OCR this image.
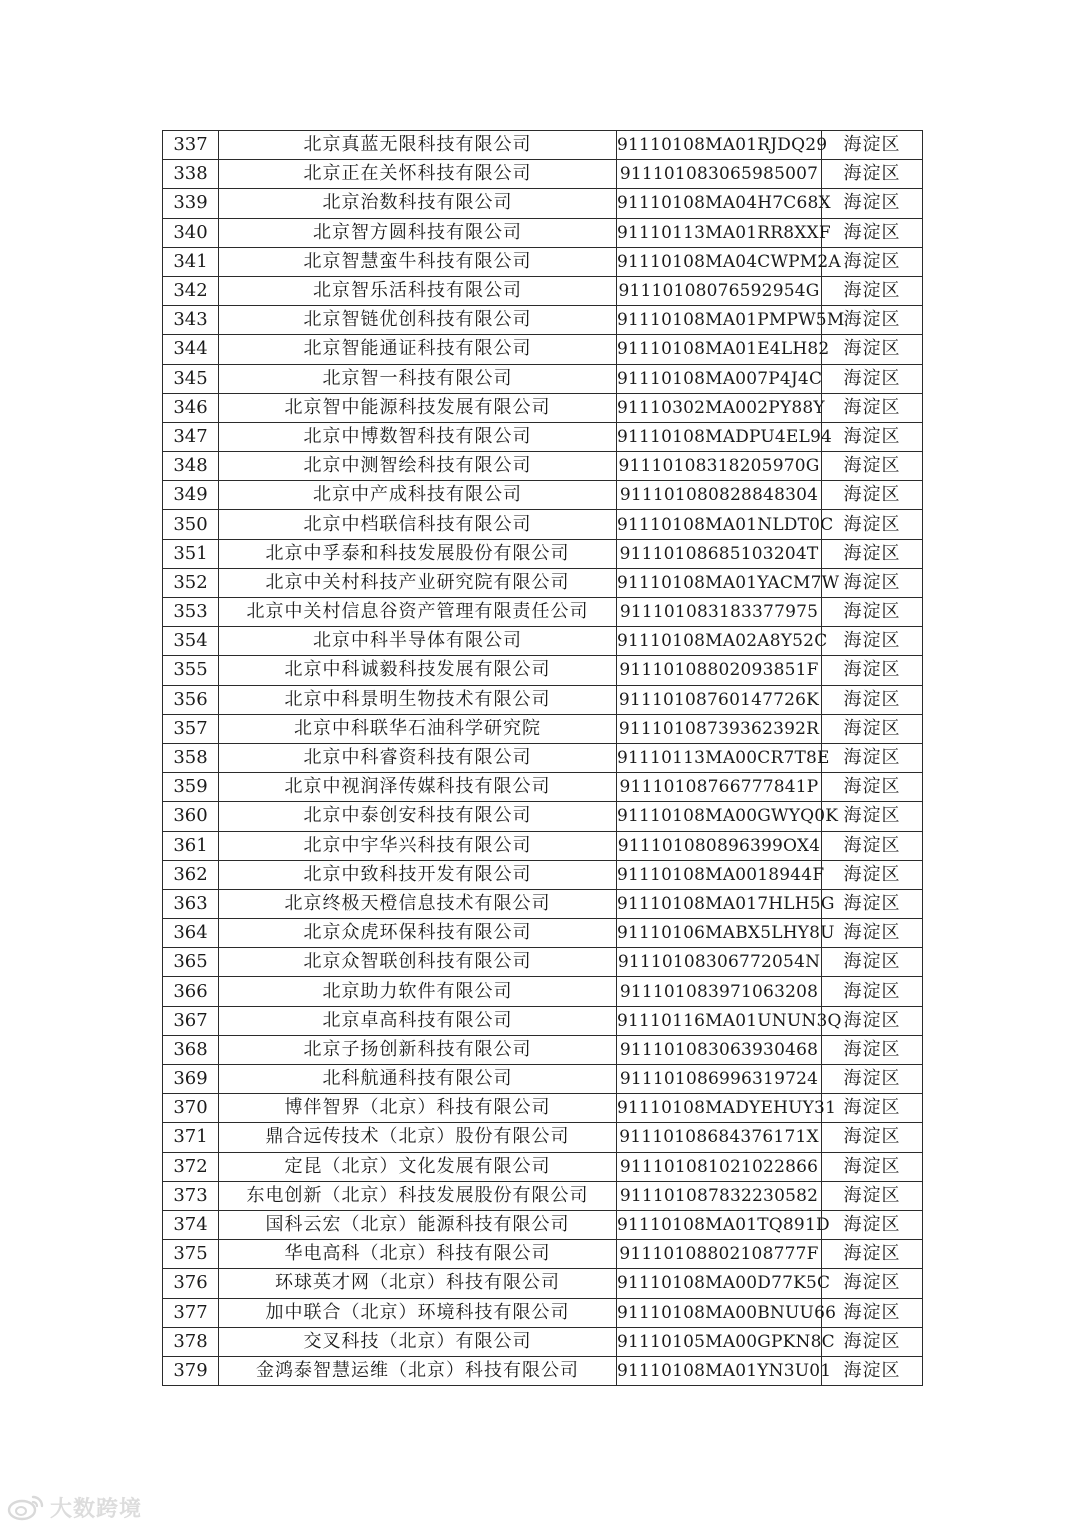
337	北京真蓝无限科技有限公司	91110108MA01RJDQ29	海淀区
338	北京正在关怀科技有限公司	911101083065985007	海淀区
339	北京治数科技有限公司	91110108MA04H7C68X	海淀区
340	北京智方圆科技有限公司	91110113MA01RR8XXF	海淀区
341	北京智慧蛮牛科技有限公司	91110108MA04CWPM2A	海淀区
342	北京智乐活科技有限公司	91110108076592954G	海淀区
343	北京智链优创科技有限公司	91110108MA01PMPW5M	海淀区
344	北京智能通证科技有限公司	91110108MA01E4LH82	海淀区
345	北京智一科技有限公司	91110108MA007P4J4C	海淀区
346	北京智中能源科技发展有限公司	91110302MA002PY88Y	海淀区
347	北京中博数智科技有限公司	91110108MADPU4EL94	海淀区
348	北京中测智绘科技有限公司	91110108318205970G	海淀区
349	北京中产成科技有限公司	911101080828848304	海淀区
350	北京中档联信科技有限公司	91110108MA01NLDT0C	海淀区
351	北京中孚泰和科技发展股份有限公司	91110108685103204T	海淀区
352	北京中关村科技产业研究院有限公司	91110108MA01YACM7W	海淀区
353	北京中关村信息谷资产管理有限责任公司	911101083183377975	海淀区
354	北京中科半导体有限公司	91110108MA02A8Y52C	海淀区
355	北京中科诚毅科技发展有限公司	91110108802093851F	海淀区
356	北京中科景明生物技术有限公司	91110108760147726K	海淀区
357	北京中科联华石油科学研究院	91110108739362392R	海淀区
358	北京中科睿资科技有限公司	91110113MA00CR7T8E	海淀区
359	北京中视润泽传媒科技有限公司	91110108766777841P	海淀区
360	北京中泰创安科技有限公司	91110108MA00GWYQ0K	海淀区
361	北京中宇华兴科技有限公司	911101080896399OX4	海淀区
362	北京中致科技开发有限公司	91110108MA0018944F	海淀区
363	北京终极天橙信息技术有限公司	91110108MA017HLH5G	海淀区
364	北京众虎环保科技有限公司	91110106MABX5LHY8U	海淀区
365	北京众智联创科技有限公司	91110108306772054N	海淀区
366	北京助力软件有限公司	911101083971063208	海淀区
367	北京卓高科技有限公司	91110116MA01UNUN3Q	海淀区
368	北京子扬创新科技有限公司	911101083063930468	海淀区
369	北科航通科技有限公司	911101086996319724	海淀区
370	博伴智界（北京）科技有限公司	91110108MADYEHUY31	海淀区
371	鼎合远传技术（北京）股份有限公司	91110108684376171X	海淀区
372	定昆（北京）文化发展有限公司	911101081021022866	海淀区
373	东电创新（北京）科技发展股份有限公司	911101087832230582	海淀区
374	国科云宏（北京）能源科技有限公司	91110108MA01TQ891D	海淀区
375	华电高科（北京）科技有限公司	91110108802108777F	海淀区
376	环球英才网（北京）科技有限公司	91110108MA00D77K5C	海淀区
377	加中联合（北京）环境科技有限公司	91110108MA00BNUU66	海淀区
378	交叉科技（北京）有限公司	91110105MA00GPKN8C	海淀区
379	金鸿泰智慧运维（北京）科技有限公司	91110108MA01YN3U01	海淀区
大数跨境
